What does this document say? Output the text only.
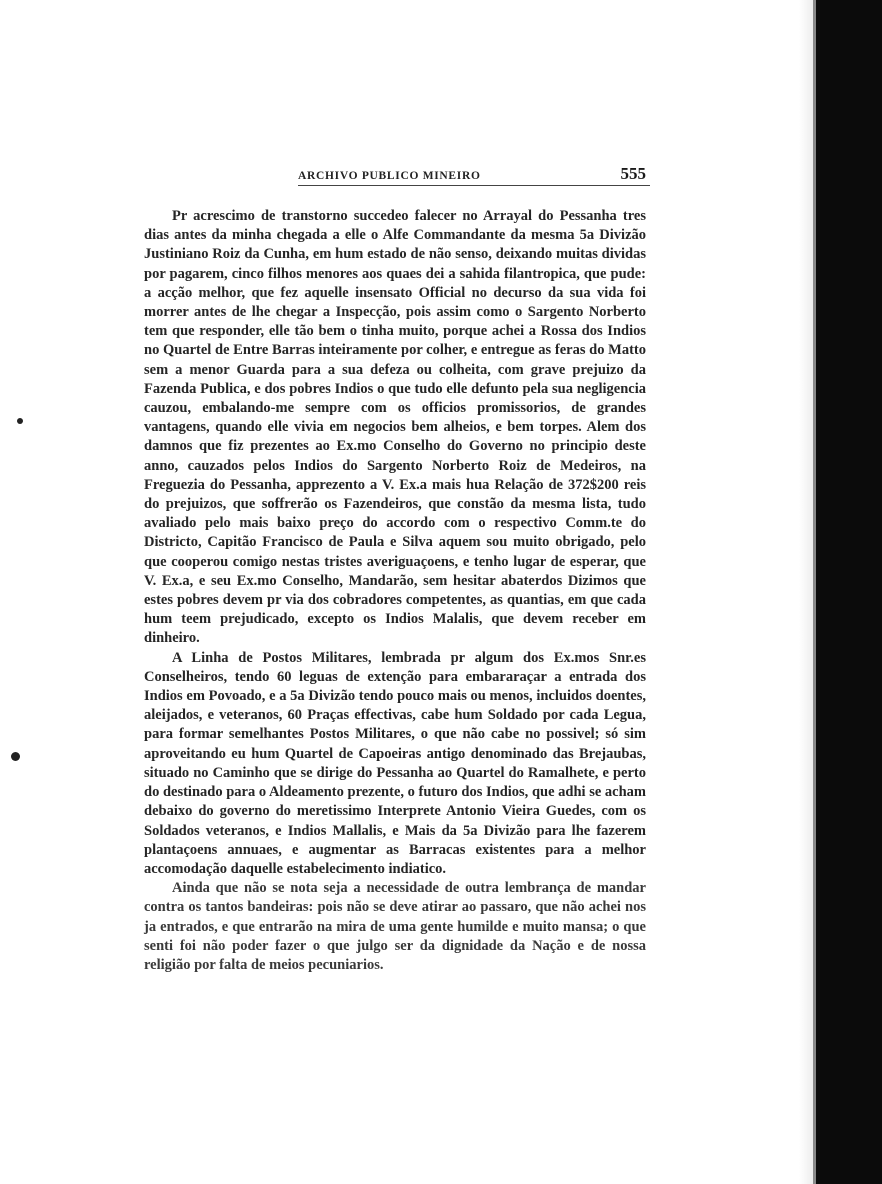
ARCHIVO PUBLICO MINEIRO	555

Pr acrescimo de transtorno succedeo falecer no Arrayal do Pessanha tres dias antes da minha chegada a elle o Alfe Commandante da mesma 5a Divizão Justiniano Roiz da Cunha, em hum estado de não senso, deixando muitas dividas por pagarem, cinco filhos menores aos quaes dei a sahida filantropica, que pude: a acção melhor, que fez aquelle insensato Official no decurso da sua vida foi morrer antes de lhe chegar a Inspecção, pois assim como o Sargento Norberto tem que responder, elle tão bem o tinha muito, porque achei a Rossa dos Indios no Quartel de Entre Barras inteiramente por colher, e entregue as feras do Matto sem a menor Guarda para a sua defeza ou colheita, com grave prejuizo da Fazenda Publica, e dos pobres Indios o que tudo elle defunto pela sua negligencia cauzou, embalando-me sempre com os officios promissorios, de grandes vantagens, quando elle vivia em negocios bem alheios, e bem torpes. Alem dos damnos que fiz prezentes ao Ex.mo Conselho do Governo no principio deste anno, cauzados pelos Indios do Sargento Norberto Roiz de Medeiros, na Freguezia do Pessanha, apprezento a V. Ex.a mais hua Relação de 372$200 reis do prejuizos, que soffrerão os Fazendeiros, que constão da mesma lista, tudo avaliado pelo mais baixo preço do accordo com o respectivo Comm.te do Districto, Capitão Francisco de Paula e Silva aquem sou muito obrigado, pelo que cooperou comigo nestas tristes averiguaçoens, e tenho lugar de esperar, que V. Ex.a, e seu Ex.mo Conselho, Mandarão, sem hesitar abaterdos Dizimos que estes pobres devem pr via dos cobradores competentes, as quantias, em que cada hum teem prejudicado, excepto os Indios Malalis, que devem receber em dinheiro.

A Linha de Postos Militares, lembrada pr algum dos Ex.mos Snr.es Conselheiros, tendo 60 leguas de extenção para embararaçar a entrada dos Indios em Povoado, e a 5a Divizão tendo pouco mais ou menos, incluidos doentes, aleijados, e veteranos, 60 Praças effectivas, cabe hum Soldado por cada Legua, para formar semelhantes Postos Militares, o que não cabe no possivel; só sim aproveitando eu hum Quartel de Capoeiras antigo denominado das Brejaubas, situado no Caminho que se dirige do Pessanha ao Quartel do Ramalhete, e perto do destinado para o Aldeamento prezente, o futuro dos Indios, que adhi se acham debaixo do governo do meretissimo Interprete Antonio Vieira Guedes, com os Soldados veteranos, e Indios Mallalis, e Mais da 5a Divizão para lhe fazerem plantaçoens annuaes, e augmentar as Barracas existentes para a melhor accomodação daquelle estabelecimento indiatico.

Ainda que não se nota seja a necessidade de outra lembrança de mandar contra os tantos bandeiras: pois não se deve atirar ao passaro, que não achei nos ja entrados, e que entrarão na mira de uma gente humilde e muito mansa; o que senti foi não poder fazer o que julgo ser da dignidade da Nação e de nossa religião por falta de meios pecuniarios.
